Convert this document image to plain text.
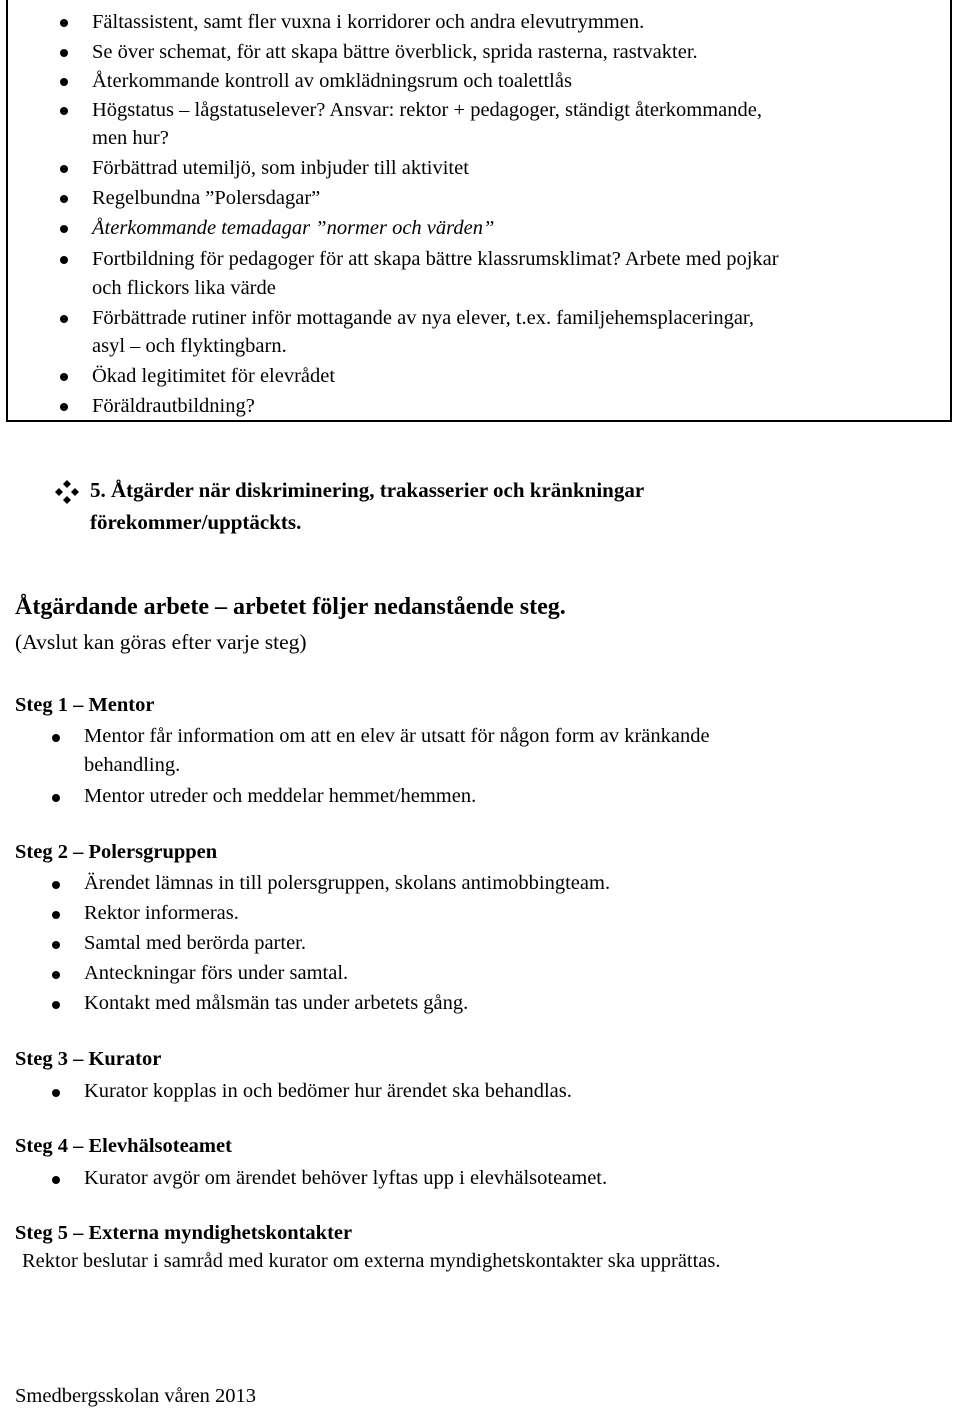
Fältassistent, samt fler vuxna i korridorer och andra elevutrymmen.
Se över schemat, för att skapa bättre överblick, sprida rasterna, rastvakter.
Återkommande kontroll av omklädningsrum och toalettlås
Högstatus – lågstatuselever? Ansvar: rektor + pedagoger, ständigt återkommande,
men hur?
Förbättrad utemiljö, som inbjuder till aktivitet
Regelbundna ”Polersdagar”
Återkommande temadagar ”normer och värden”
Fortbildning för pedagoger för att skapa bättre klassrumsklimat? Arbete med pojkar
och flickors lika värde
Förbättrade rutiner inför mottagande av nya elever, t.ex. familjehemsplaceringar,
asyl – och flyktingbarn.
Ökad legitimitet för elevrådet
Föräldrautbildning?
5. Åtgärder när diskriminering, trakasserier och kränkningar
förekommer/upptäckts.
Åtgärdande arbete – arbetet följer nedanstående steg.
(Avslut kan göras efter varje steg)
Steg 1 – Mentor
Mentor får information om att en elev är utsatt för någon form av kränkande
behandling.
Mentor utreder och meddelar hemmet/hemmen.
Steg 2 – Polersgruppen
Ärendet lämnas in till polersgruppen, skolans antimobbingteam.
Rektor informeras.
Samtal med berörda parter.
Anteckningar förs under samtal.
Kontakt med målsmän tas under arbetets gång.
Steg 3 – Kurator
Kurator kopplas in och bedömer hur ärendet ska behandlas.
Steg 4 – Elevhälsoteamet
Kurator avgör om ärendet behöver lyftas upp i elevhälsoteamet.
Steg 5 – Externa myndighetskontakter
Rektor beslutar i samråd med kurator om externa myndighetskontakter ska upprättas.
Smedbergsskolan våren 2013
